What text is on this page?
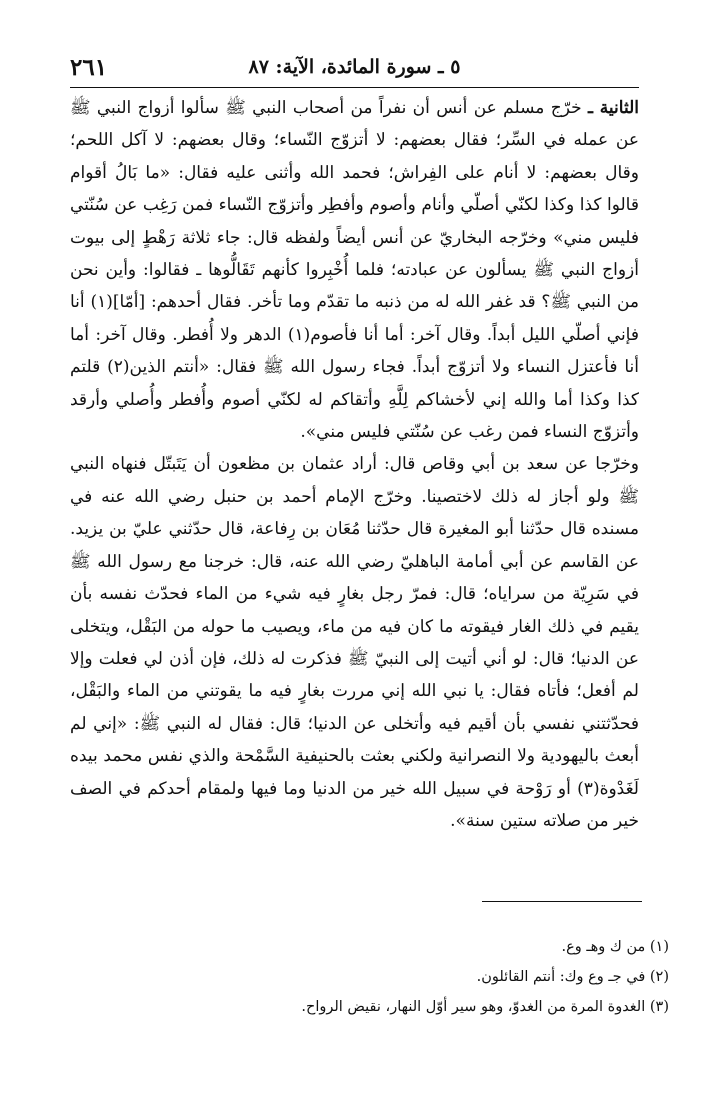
٥ ـ سورة المائدة، الآية: ٨٧
٢٦١

الثانية ـ خرّج مسلم عن أنس أن نفراً من أصحاب النبي ﷺ سألوا أزواج النبي ﷺ عن عمله في السِّر؛ فقال بعضهم: لا أتزوّج النّساء؛ وقال بعضهم: لا آكل اللحم؛ وقال بعضهم: لا أنام على الفِراش؛ فحمد الله وأثنى عليه فقال: «ما بَالُ أقوام قالوا كذا وكذا لكنّي أصلّي وأنام وأصوم وأفطِر وأتزوّج النّساء فمن رَغِب عن سُنّتي فليس مني» وخرّجه البخاريّ عن أنس أيضاً ولفظه قال: جاء ثلاثة رَهْطٍ إلى بيوت أزواج النبي ﷺ يسألون عن عبادته؛ فلما أُخْبِروا كأنهم تَقَالُّوها ـ فقالوا: وأين نحن من النبي ﷺ؟ قد غفر الله له من ذنبه ما تقدّم وما تأخر. فقال أحدهم: [أمّا](١) أنا فإني أصلّي الليل أبداً. وقال آخر: أما أنا فأصوم(١) الدهر ولا أُفطر. وقال آخر: أما أنا فأعتزل النساء ولا أتزوّج أبداً. فجاء رسول الله ﷺ فقال: «أنتم الذين(٢) قلتم كذا وكذا أما والله إني لأخشاكم لِلَّهِ وأتقاكم له لكنّي أصوم وأُفطر وأُصلي وأرقد وأتزوّج النساء فمن رغب عن سُنّتي فليس مني».

وخرّجا عن سعد بن أبي وقاص قال: أراد عثمان بن مظعون أن يَتَبتّل فنهاه النبي ﷺ ولو أجاز له ذلك لاختصينا. وخرّج الإمام أحمد بن حنبل رضي الله عنه في مسنده قال حدّثنا أبو المغيرة قال حدّثنا مُعَان بن رِفاعة، قال حدّثني عليّ بن يزيد. عن القاسم عن أبي أمامة الباهليّ رضي الله عنه، قال: خرجنا مع رسول الله ﷺ في سَرِيّة من سراياه؛ قال: فمرّ رجل بغارٍ فيه شيء من الماء فحدّث نفسه بأن يقيم في ذلك الغار فيقوته ما كان فيه من ماء، ويصيب ما حوله من البَقْل، ويتخلى عن الدنيا؛ قال: لو أني أتيت إلى النبيّ ﷺ فذكرت له ذلك، فإن أذن لي فعلت وإلا لم أفعل؛ فأتاه فقال: يا نبي الله إني مررت بغارٍ فيه ما يقوتني من الماء والبَقْل، فحدّثتني نفسي بأن أقيم فيه وأتخلى عن الدنيا؛ قال: فقال له النبي ﷺ: «إني لم أبعث باليهودية ولا النصرانية ولكني بعثت بالحنيفية السَّمْحة والذي نفس محمد بيده لَغَدْوة(٣) أو رَوْحة في سبيل الله خير من الدنيا وما فيها ولمقام أحدكم في الصف خير من صلاته ستين سنة».

(١) من ك وهـ وع.
(٢) في جـ وع وك: أنتم القائلون.
(٣) الغدوة المرة من الغدوّ، وهو سير أوّل النهار، نقيض الرواح.
